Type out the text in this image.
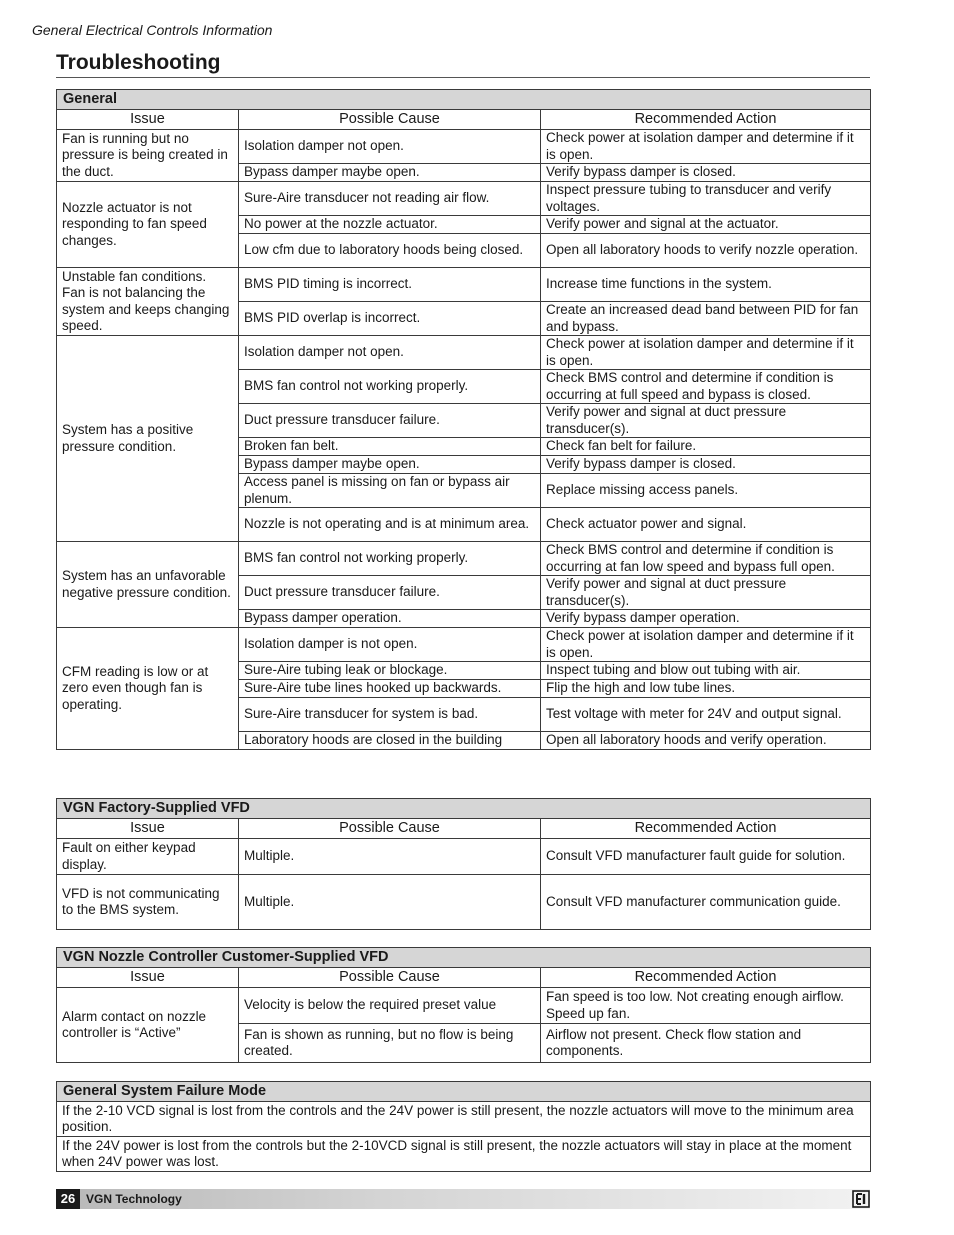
General Electrical Controls Information
Troubleshooting
General		
Issue	Possible Cause	Recommended Action
Fan is running but no pressure is being created in the duct.	Isolation damper not open.	Check power at isolation damper and determine if it is open.
	Bypass damper maybe open.	Verify bypass damper is closed.
Nozzle actuator is not responding to fan speed changes.	Sure-Aire transducer not reading air flow.	Inspect pressure tubing to transducer and verify voltages.
	No power at the nozzle actuator.	Verify power and signal at the actuator.
	Low cfm due to laboratory hoods being closed.	Open all laboratory hoods to verify nozzle operation.
Unstable fan conditions. Fan is not balancing the system and keeps changing speed.	BMS PID timing is incorrect.	Increase time functions in the system.
	BMS PID overlap is incorrect.	Create an increased dead band between PID for fan and bypass.
System has a positive pressure condition.	Isolation damper not open.	Check power at isolation damper and determine if it is open.
	BMS fan control not working properly.	Check BMS control and determine if condition is occurring at full speed and bypass is closed.
	Duct pressure transducer failure.	Verify power and signal at duct pressure transducer(s).
	Broken fan belt.	Check fan belt for failure.
	Bypass damper maybe open.	Verify bypass damper is closed.
	Access panel is missing on fan or bypass air plenum.	Replace missing access panels.
	Nozzle is not operating and is at minimum area.	Check actuator power and signal.
System has an unfavorable negative pressure condition.	BMS fan control not working properly.	Check BMS control and determine if condition is occurring at fan low speed and bypass full open.
	Duct pressure transducer failure.	Verify power and signal at duct pressure transducer(s).
	Bypass damper operation.	Verify bypass damper operation.
CFM reading is low or at zero even though fan is operating.	Isolation damper is not open.	Check power at isolation damper and determine if it is open.
	Sure-Aire tubing leak or blockage.	Inspect tubing and blow out tubing with air.
	Sure-Aire tube lines hooked up backwards.	Flip the high and low tube lines.
	Sure-Aire transducer for system is bad.	Test voltage with meter for 24V and output signal.
	Laboratory hoods are closed in the building	Open all laboratory hoods and verify operation.
VGN Factory-Supplied VFD		
Issue	Possible Cause	Recommended Action
Fault on either keypad display.	Multiple.	Consult VFD manufacturer fault guide for solution.
VFD is not communicating to the BMS system.	Multiple.	Consult VFD manufacturer communication guide.
VGN Nozzle Controller Customer-Supplied VFD		
Issue	Possible Cause	Recommended Action
Alarm contact on nozzle controller is “Active”	Velocity is below the required preset value	Fan speed is too low. Not creating enough airflow. Speed up fan.
	Fan is shown as running, but no flow is being created.	Airflow not present. Check flow station and components.
General System Failure Mode
If the 2-10 VCD signal is lost from the controls and the 24V power is still present, the nozzle actuators will move to the minimum area position.
If the 24V power is lost from the controls but the 2-10VCD signal is still present, the nozzle actuators will stay in place at the moment when 24V power was lost.
26 VGN Technology
